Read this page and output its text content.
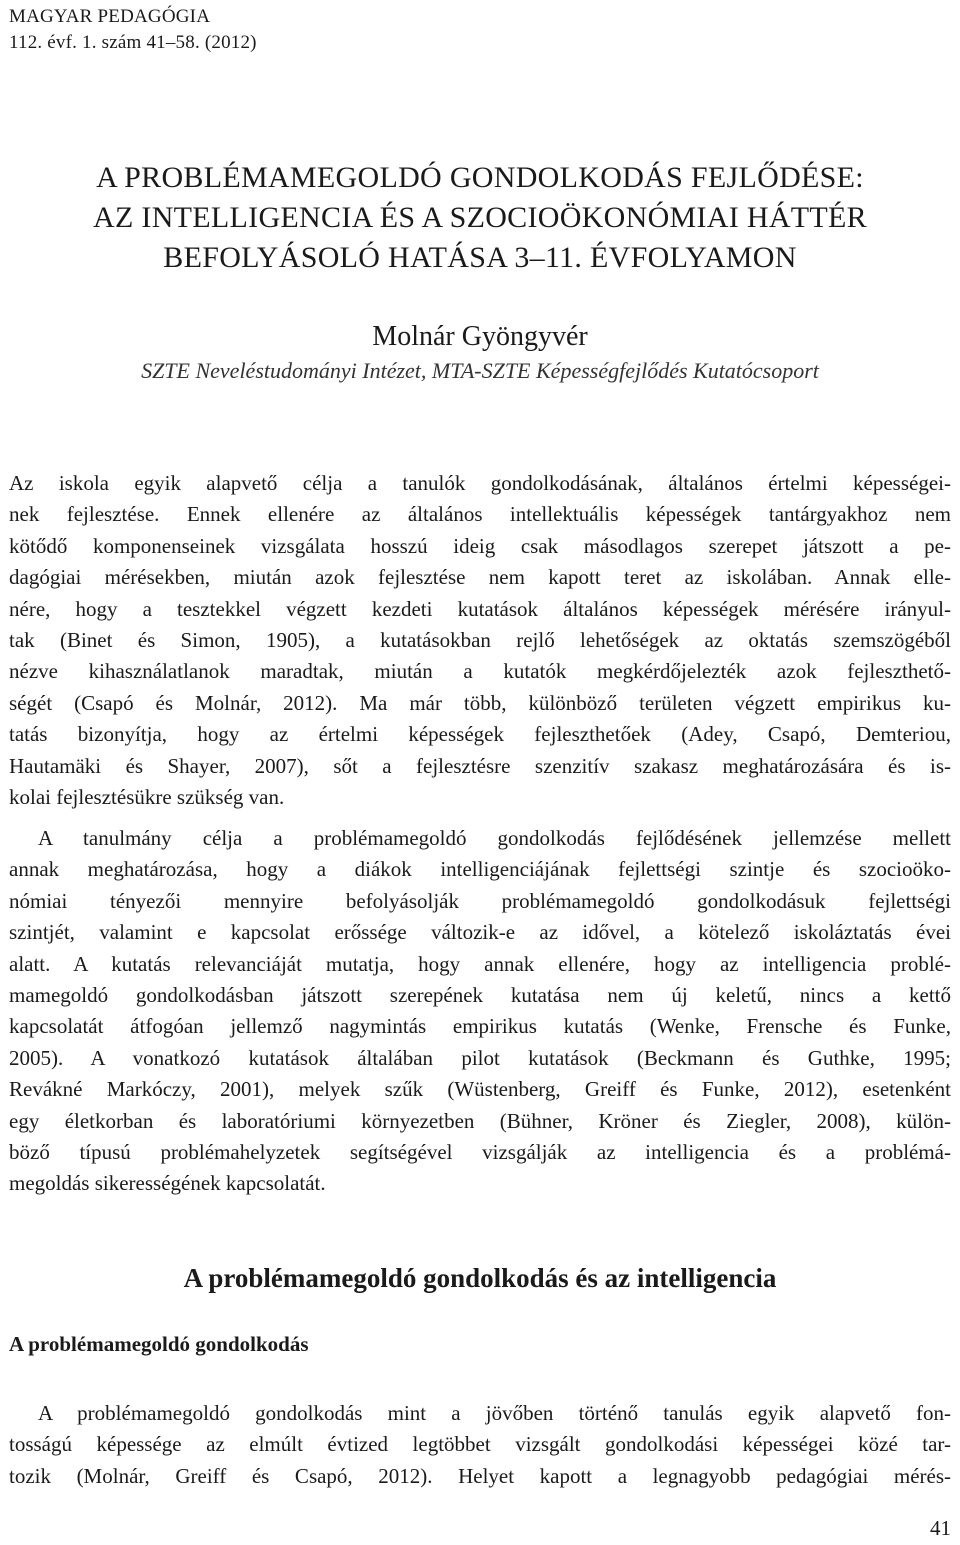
MAGYAR PEDAGÓGIA
112. évf. 1. szám 41–58. (2012)
A PROBLÉMAMEGOLDÓ GONDOLKODÁS FEJLŐDÉSE:
AZ INTELLIGENCIA ÉS A SZOCIOÖKONÓMIAI HÁTTÉR
BEFOLYÁSOLÓ HATÁSA 3–11. ÉVFOLYAMON
Molnár Gyöngyvér
SZTE Neveléstudományi Intézet, MTA-SZTE Képességfejlődés Kutatócsoport
Az iskola egyik alapvető célja a tanulók gondolkodásának, általános értelmi képességei-
nek fejlesztése. Ennek ellenére az általános intellektuális képességek tantárgyakhoz nem
kötődő komponenseinek vizsgálata hosszú ideig csak másodlagos szerepet játszott a pe-
dagógiai mérésekben, miután azok fejlesztése nem kapott teret az iskolában. Annak elle-
nére, hogy a tesztekkel végzett kezdeti kutatások általános képességek mérésére irányul-
tak (Binet és Simon, 1905), a kutatásokban rejlő lehetőségek az oktatás szemszögéből
nézve kihasználatlanok maradtak, miután a kutatók megkérdőjelezték azok fejleszthető-
ségét (Csapó és Molnár, 2012). Ma már több, különböző területen végzett empirikus ku-
tatás bizonyítja, hogy az értelmi képességek fejleszthetőek (Adey, Csapó, Demteriou,
Hautamäki és Shayer, 2007), sőt a fejlesztésre szenzitív szakasz meghatározására és is-
kolai fejlesztésükre szükség van.
A tanulmány célja a problémamegoldó gondolkodás fejlődésének jellemzése mellett
annak meghatározása, hogy a diákok intelligenciájának fejlettségi szintje és szocioöko-
nómiai tényezői mennyire befolyásolják problémamegoldó gondolkodásuk fejlettségi
szintjét, valamint e kapcsolat erőssége változik-e az idővel, a kötelező iskoláztatás évei
alatt. A kutatás relevanciáját mutatja, hogy annak ellenére, hogy az intelligencia problé-
mamegoldó gondolkodásban játszott szerepének kutatása nem új keletű, nincs a kettő
kapcsolatát átfogóan jellemző nagymintás empirikus kutatás (Wenke, Frensche és Funke,
2005). A vonatkozó kutatások általában pilot kutatások (Beckmann és Guthke, 1995;
Revákné Markóczy, 2001), melyek szűk (Wüstenberg, Greiff és Funke, 2012), esetenként
egy életkorban és laboratóriumi környezetben (Bühner, Kröner és Ziegler, 2008), külön-
böző típusú problémahelyzetek segítségével vizsgálják az intelligencia és a problémá-
megoldás sikerességének kapcsolatát.
A problémamegoldó gondolkodás és az intelligencia
A problémamegoldó gondolkodás
A problémamegoldó gondolkodás mint a jövőben történő tanulás egyik alapvető fon-
tosságú képessége az elmúlt évtized legtöbbet vizsgált gondolkodási képességei közé tar-
tozik (Molnár, Greiff és Csapó, 2012). Helyet kapott a legnagyobb pedagógiai mérés-
41
